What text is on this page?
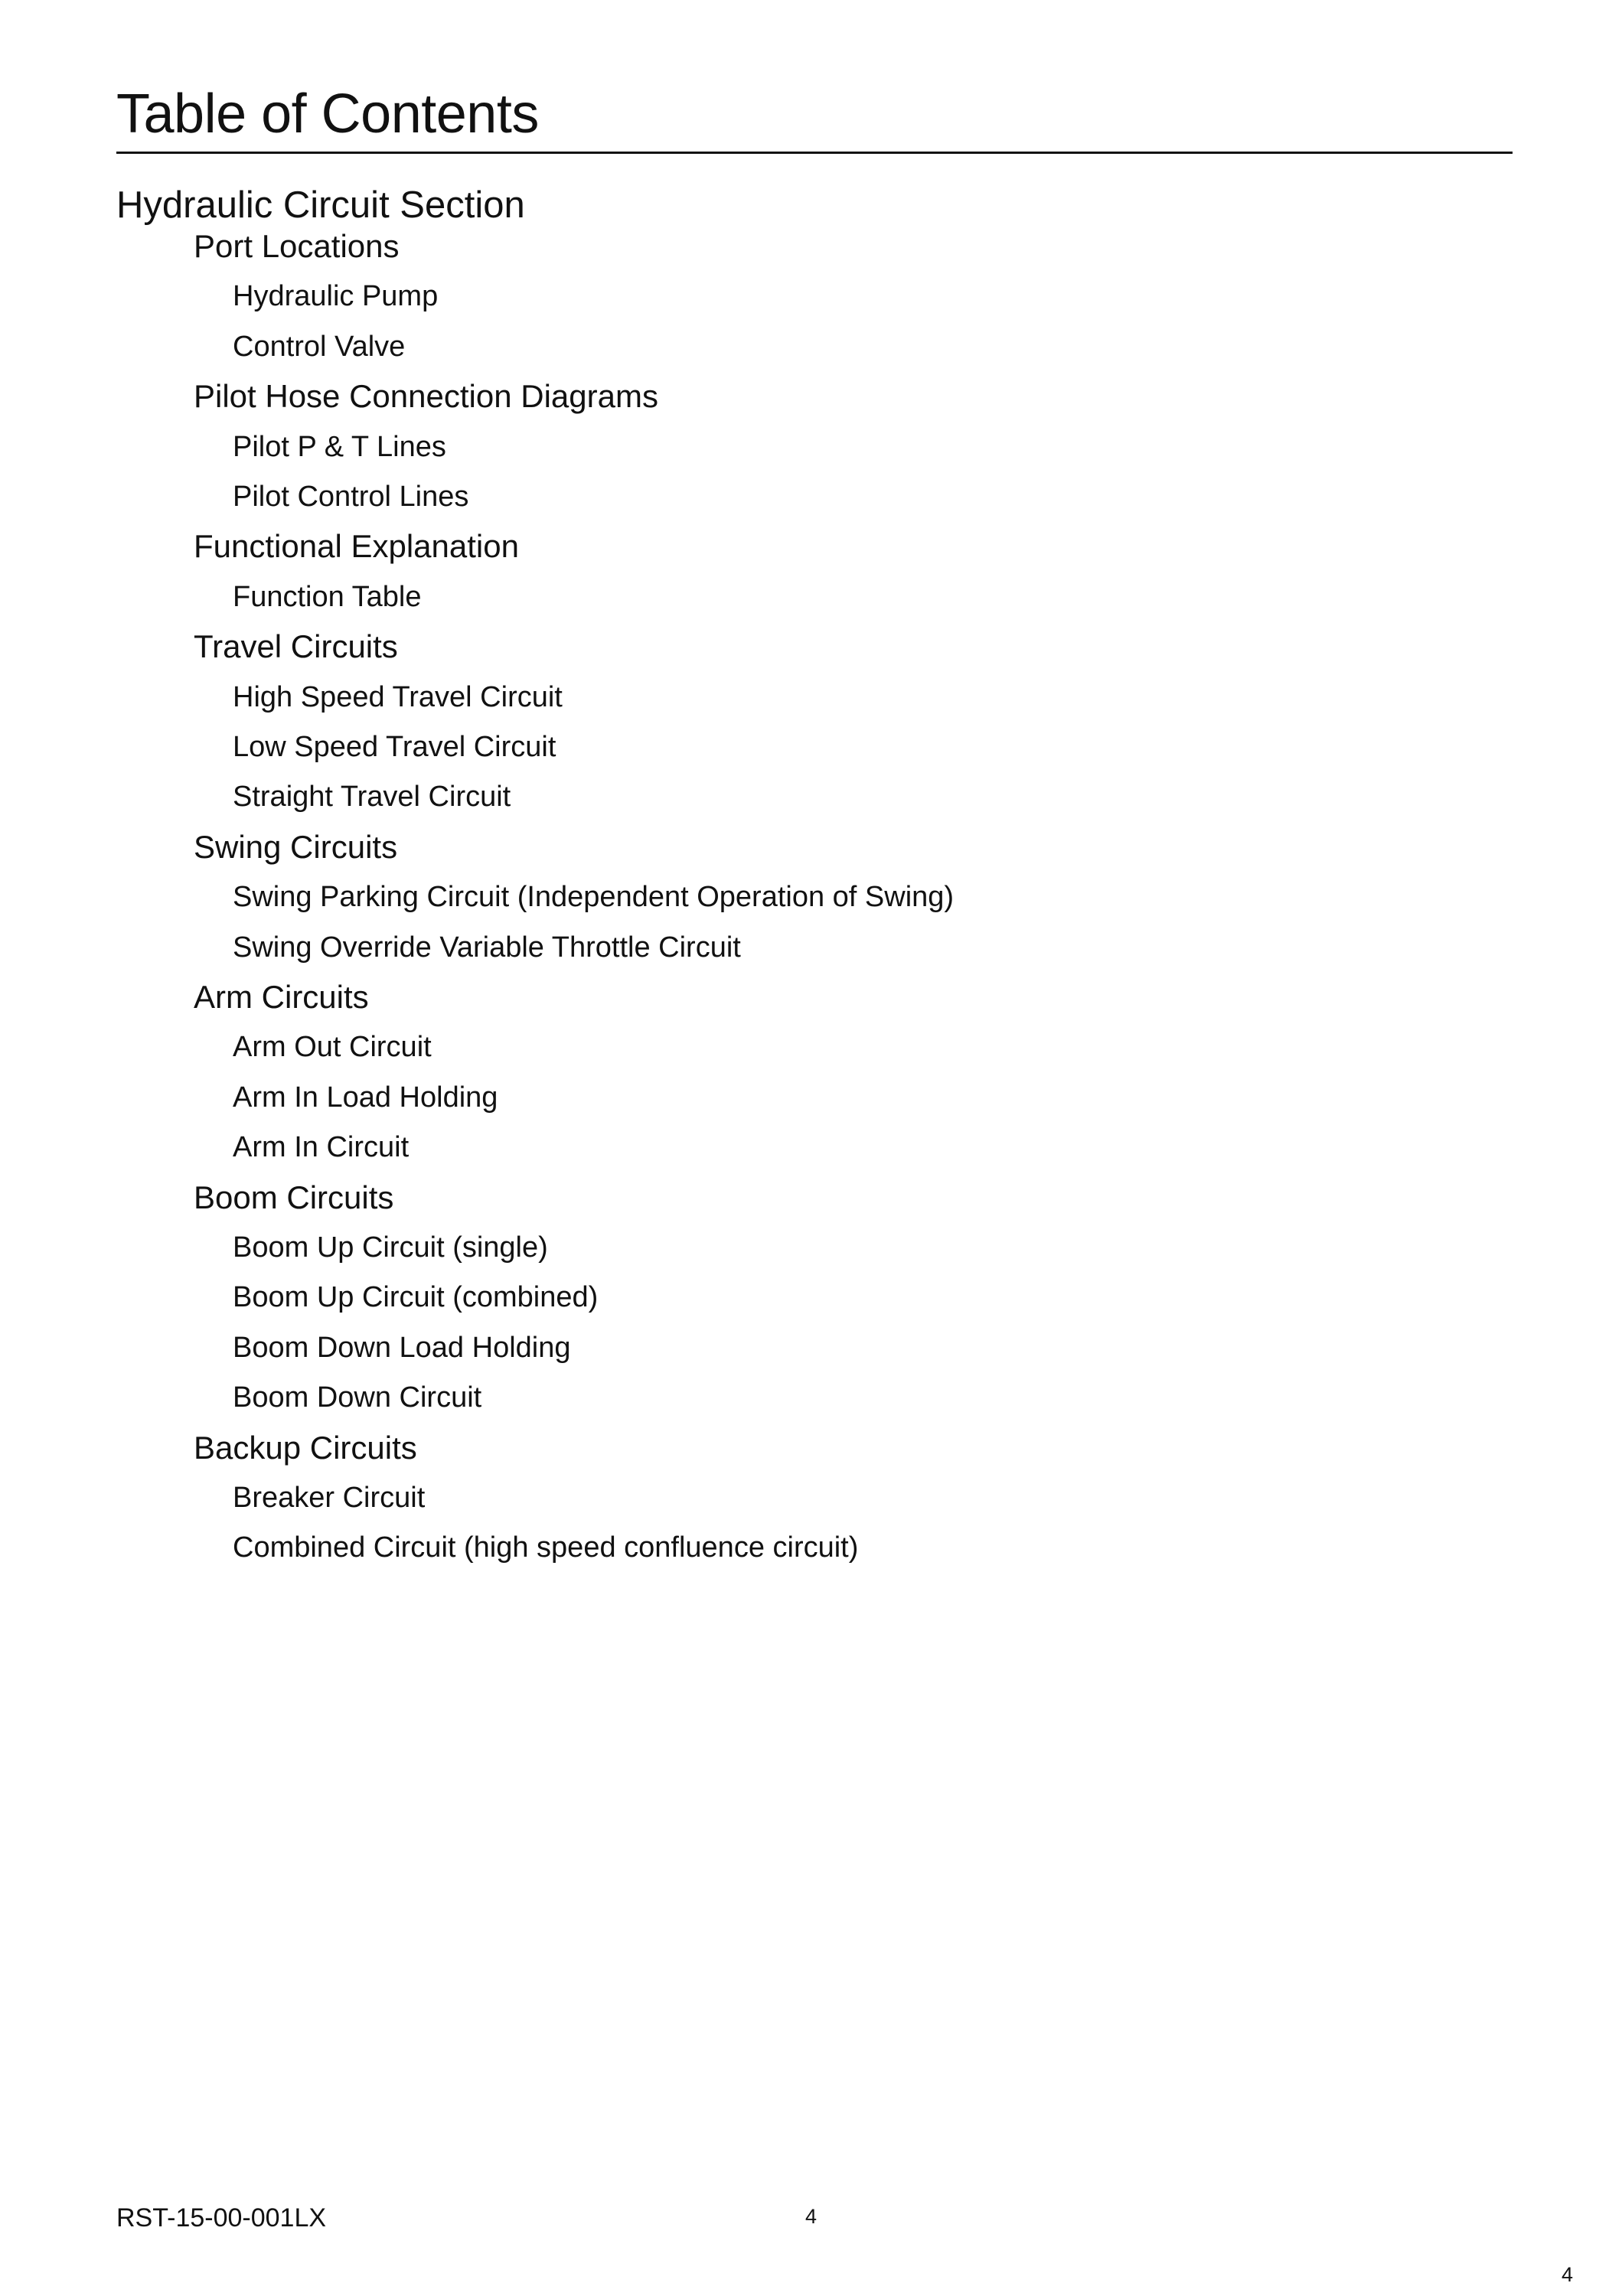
Table of Contents
Hydraulic Circuit Section
Port Locations
Hydraulic Pump
Control Valve
Pilot Hose Connection Diagrams
Pilot P & T Lines
Pilot Control Lines
Functional Explanation
Function Table
Travel Circuits
High Speed Travel Circuit
Low Speed Travel Circuit
Straight Travel Circuit
Swing Circuits
Swing Parking Circuit (Independent Operation of Swing)
Swing Override Variable Throttle Circuit
Arm Circuits
Arm Out Circuit
Arm In Load Holding
Arm In Circuit
Boom Circuits
Boom Up Circuit (single)
Boom Up Circuit (combined)
Boom Down Load Holding
Boom Down Circuit
Backup Circuits
Breaker Circuit
Combined Circuit (high speed confluence circuit)
RST-15-00-001LX	4
4
